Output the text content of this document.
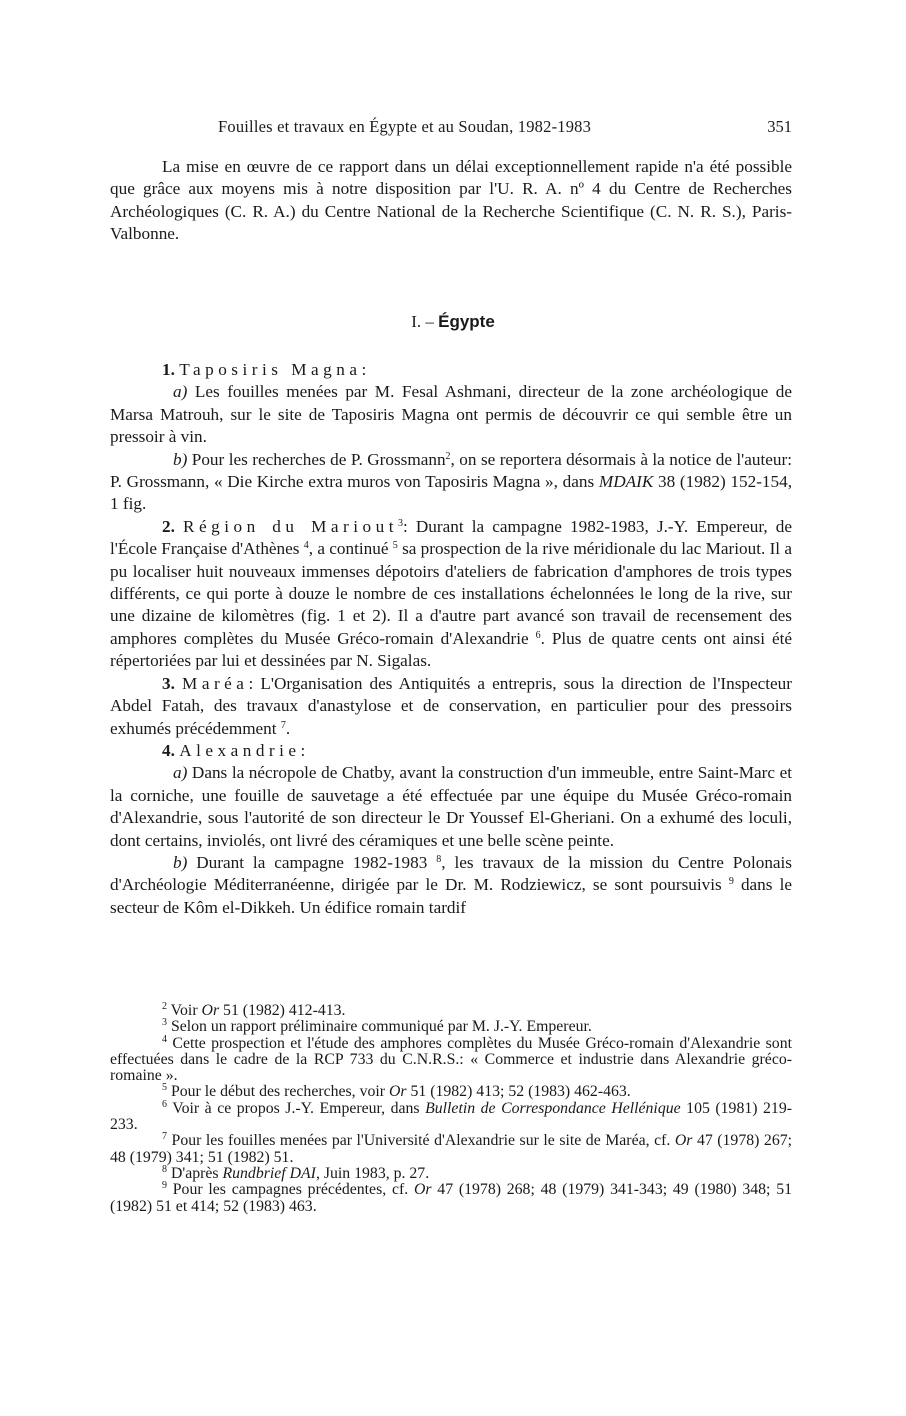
Fouilles et travaux en Égypte et au Soudan, 1982-1983	351

La mise en œuvre de ce rapport dans un délai exceptionnellement rapide n'a été possible que grâce aux moyens mis à notre disposition par l'U. R. A. nº 4 du Centre de Recherches Archéologiques (C. R. A.) du Centre National de la Recherche Scientifique (C. N. R. S.), Paris-Valbonne.

I. – Égypte

1. Taposiris Magna:

a) Les fouilles menées par M. Fesal Ashmani, directeur de la zone archéologique de Marsa Matrouh, sur le site de Taposiris Magna ont permis de découvrir ce qui semble être un pressoir à vin.

b) Pour les recherches de P. Grossmann$^2$, on se reportera désormais à la notice de l'auteur: P. Grossmann, « Die Kirche extra muros von Taposiris Magna », dans MDAIK 38 (1982) 152-154, 1 fig.

2. Région du Mariout$^3$: Durant la campagne 1982-1983, J.-Y. Empereur, de l'École Française d'Athènes $^4$, a continué $^5$ sa prospection de la rive méridionale du lac Mariout. Il a pu localiser huit nouveaux immenses dépotoirs d'ateliers de fabrication d'amphores de trois types différents, ce qui porte à douze le nombre de ces installations échelonnées le long de la rive, sur une dizaine de kilomètres (fig. 1 et 2). Il a d'autre part avancé son travail de recensement des amphores complètes du Musée Gréco-romain d'Alexandrie $^6$. Plus de quatre cents ont ainsi été répertoriées par lui et dessinées par N. Sigalas.

3. Maréa: L'Organisation des Antiquités a entrepris, sous la direction de l'Inspecteur Abdel Fatah, des travaux d'anastylose et de conservation, en particulier pour des pressoirs exhumés précédemment $^7$.

4. Alexandrie:

a) Dans la nécropole de Chatby, avant la construction d'un immeuble, entre Saint-Marc et la corniche, une fouille de sauvetage a été effectuée par une équipe du Musée Gréco-romain d'Alexandrie, sous l'autorité de son directeur le Dr Youssef El-Gheriani. On a exhumé des loculi, dont certains, inviolés, ont livré des céramiques et une belle scène peinte.

b) Durant la campagne 1982-1983 $^8$, les travaux de la mission du Centre Polonais d'Archéologie Méditerranéenne, dirigée par le Dr. M. Rodziewicz, se sont poursuivis $^9$ dans le secteur de Kôm el-Dikkeh. Un édifice romain tardif

$^2$ Voir Or 51 (1982) 412-413.

$^3$ Selon un rapport préliminaire communiqué par M. J.-Y. Empereur.

$^4$ Cette prospection et l'étude des amphores complètes du Musée Gréco-romain d'Alexandrie sont effectuées dans le cadre de la RCP 733 du C.N.R.S.: « Commerce et industrie dans Alexandrie gréco-romaine ».

$^5$ Pour le début des recherches, voir Or 51 (1982) 413; 52 (1983) 462-463.

$^6$ Voir à ce propos J.-Y. Empereur, dans Bulletin de Correspondance Hellénique 105 (1981) 219-233.

$^7$ Pour les fouilles menées par l'Université d'Alexandrie sur le site de Maréa, cf. Or 47 (1978) 267; 48 (1979) 341; 51 (1982) 51.

$^8$ D'après Rundbrief DAI, Juin 1983, p. 27.

$^9$ Pour les campagnes précédentes, cf. Or 47 (1978) 268; 48 (1979) 341-343; 49 (1980) 348; 51 (1982) 51 et 414; 52 (1983) 463.
